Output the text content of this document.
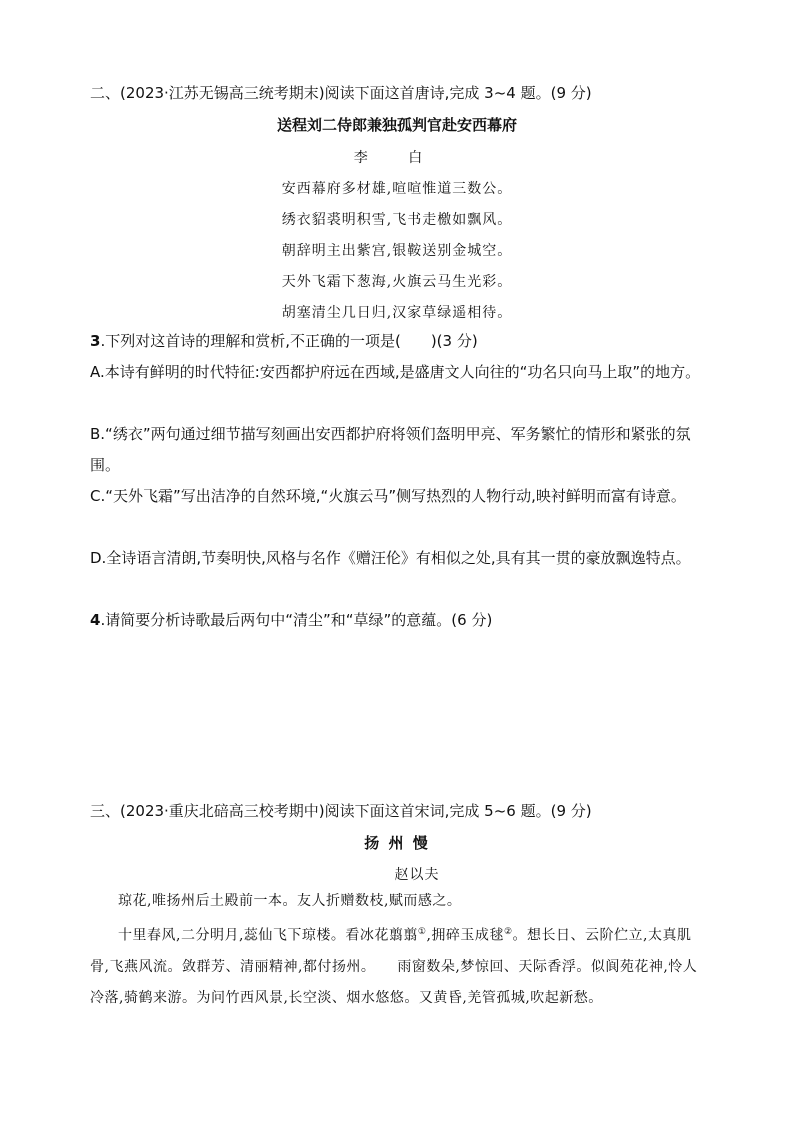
二、(2023·江苏无锡高三统考期末)阅读下面这首唐诗,完成 3~4 题。(9 分)
送程刘二侍郎兼独孤判官赴安西幕府
李 白
安西幕府多材雄,喧喧惟道三数公。
绣衣貂裘明积雪,飞书走檄如飘风。
朝辞明主出紫宫,银鞍送别金城空。
天外飞霜下葱海,火旗云马生光彩。
胡塞清尘几日归,汉家草绿遥相待。
3.下列对这首诗的理解和赏析,不正确的一项是(　　)(3 分)
A.本诗有鲜明的时代特征:安西都护府远在西域,是盛唐文人向往的“功名只向马上取”的地方。
B.“绣衣”两句通过细节描写刻画出安西都护府将领们盔明甲亮、军务繁忙的情形和紧张的氛围。
C.“天外飞霜”写出洁净的自然环境,“火旗云马”侧写热烈的人物行动,映衬鲜明而富有诗意。
D.全诗语言清朗,节奏明快,风格与名作《赠汪伦》有相似之处,具有其一贯的豪放飘逸特点。
4.请简要分析诗歌最后两句中“清尘”和“草绿”的意蕴。(6 分)
三、(2023·重庆北碚高三校考期中)阅读下面这首宋词,完成 5~6 题。(9 分)
扬 州 慢
赵以夫
琼花,唯扬州后土殿前一本。友人折赠数枝,赋而感之。
十里春风,二分明月,蕊仙飞下琼楼。看冰花翦翦①,拥碎玉成毬②。想长日、云阶伫立,太真肌骨,飞燕风流。敛群芳、清丽精神,都付扬州。　　雨窗数朵,梦惊回、天际香浮。似阆苑花神,怜人冷落,骑鹤来游。为问竹西风景,长空淡、烟水悠悠。又黄昏,羌管孤城,吹起新愁。
